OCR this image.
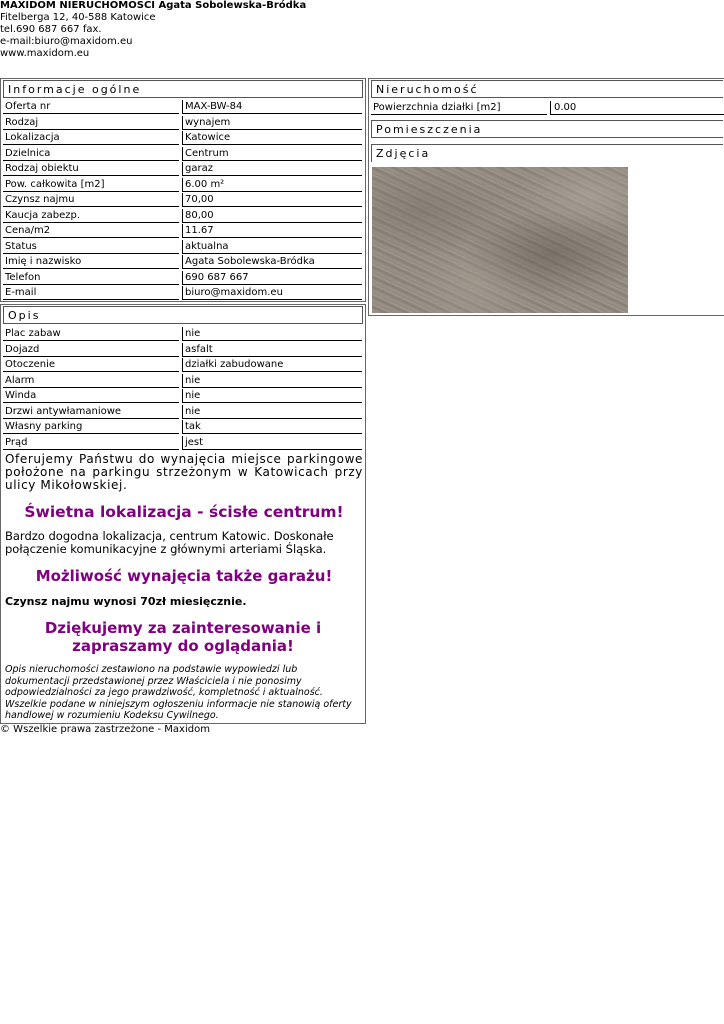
MAXIDOM NIERUCHOMOŚCI Agata Sobolewska-Bródka
Fitelberga 12, 40-588 Katowice
tel.690 687 667 fax.
e-mail:biuro@maxidom.eu
www.maxidom.eu
Informacje ogólne
Oferta nr	MAX-BW-84
Rodzaj	wynajem
Lokalizacja	Katowice
Dzielnica	Centrum
Rodzaj obiektu	garaz
Pow. całkowita [m2]	6.00 m²
Czynsz najmu	70,00
Kaucja zabezp.	80,00
Cena/m2	11.67
Status	aktualna
Imię i nazwisko	Agata Sobolewska-Bródka
Telefon	690 687 667
E-mail	biuro@maxidom.eu
Opis
Plac zabaw	nie
Dojazd	asfalt
Otoczenie	działki zabudowane
Alarm	nie
Winda	nie
Drzwi antywłamaniowe	nie
Własny parking	tak
Prąd	jest
Oferujemy Państwu do wynajęcia miejsce parkingowe położone na parkingu strzeżonym w Katowicach przy ulicy Mikołowskiej.
Świetna lokalizacja - ścisłe centrum!
Bardzo dogodna lokalizacja, centrum Katowic. Doskonałe połączenie komunikacyjne z głównymi arteriami Śląska.
Możliwość wynajęcia także garażu!
Czynsz najmu wynosi 70zł miesięcznie.
Dziękujemy za zainteresowanie i zapraszamy do oglądania!
Opis nieruchomości zestawiono na podstawie wypowiedzi lub dokumentacji przedstawionej przez Właściciela i nie ponosimy odpowiedzialności za jego prawdziwość, kompletność i aktualność. Wszelkie podane w niniejszym ogłoszeniu informacje nie stanowią oferty handlowej w rozumieniu Kodeksu Cywilnego.
© Wszelkie prawa zastrzeżone - Maxidom
Nieruchomość
Powierzchnia działki [m2]	0.00
Pomieszczenia
Zdjęcia
